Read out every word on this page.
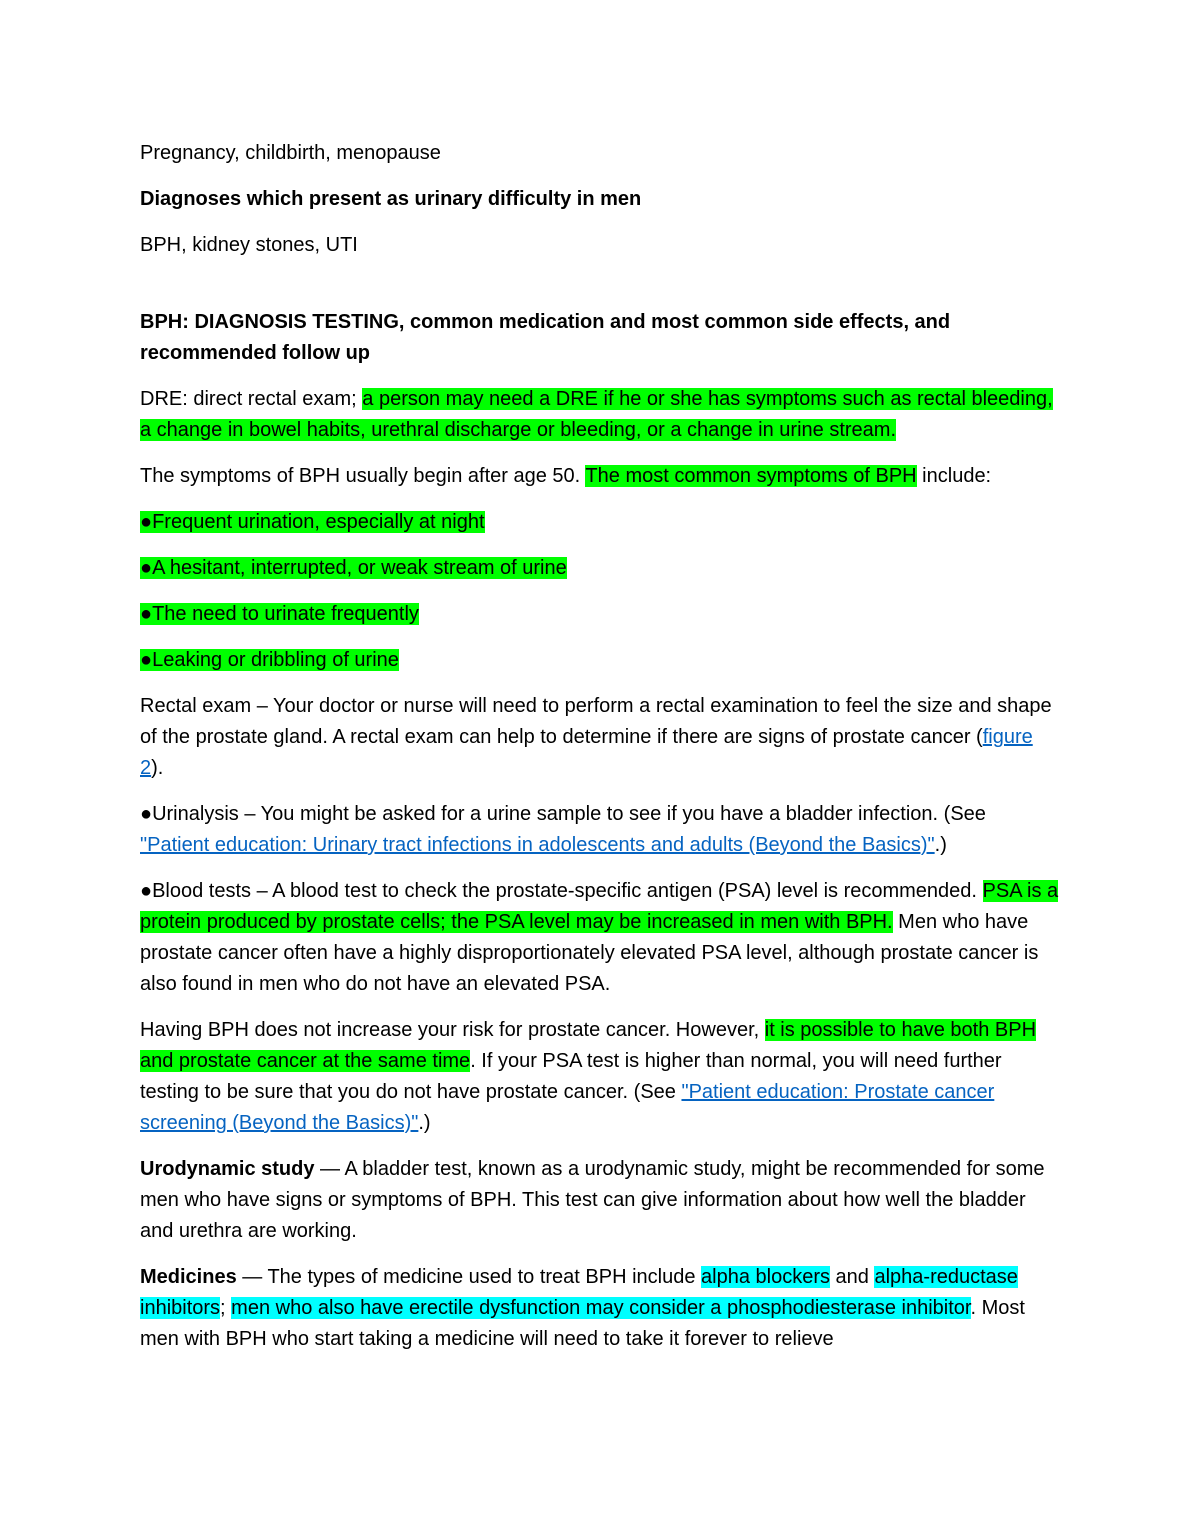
Pregnancy, childbirth, menopause

Diagnoses which present as urinary difficulty in men

BPH, kidney stones, UTI

BPH: DIAGNOSIS TESTING, common medication and most common side effects, and recommended follow up

DRE: direct rectal exam; a person may need a DRE if he or she has symptoms such as rectal bleeding, a change in bowel habits, urethral discharge or bleeding, or a change in urine stream.

The symptoms of BPH usually begin after age 50. The most common symptoms of BPH include:

●Frequent urination, especially at night

●A hesitant, interrupted, or weak stream of urine

●The need to urinate frequently

●Leaking or dribbling of urine

Rectal exam – Your doctor or nurse will need to perform a rectal examination to feel the size and shape of the prostate gland. A rectal exam can help to determine if there are signs of prostate cancer (figure 2).

●Urinalysis – You might be asked for a urine sample to see if you have a bladder infection. (See "Patient education: Urinary tract infections in adolescents and adults (Beyond the Basics)".)

●Blood tests – A blood test to check the prostate-specific antigen (PSA) level is recommended. PSA is a protein produced by prostate cells; the PSA level may be increased in men with BPH. Men who have prostate cancer often have a highly disproportionately elevated PSA level, although prostate cancer is also found in men who do not have an elevated PSA.

Having BPH does not increase your risk for prostate cancer. However, it is possible to have both BPH and prostate cancer at the same time. If your PSA test is higher than normal, you will need further testing to be sure that you do not have prostate cancer. (See "Patient education: Prostate cancer screening (Beyond the Basics)".)

Urodynamic study — A bladder test, known as a urodynamic study, might be recommended for some men who have signs or symptoms of BPH. This test can give information about how well the bladder and urethra are working.

Medicines — The types of medicine used to treat BPH include alpha blockers and alpha-reductase inhibitors; men who also have erectile dysfunction may consider a phosphodiesterase inhibitor. Most men with BPH who start taking a medicine will need to take it forever to relieve
